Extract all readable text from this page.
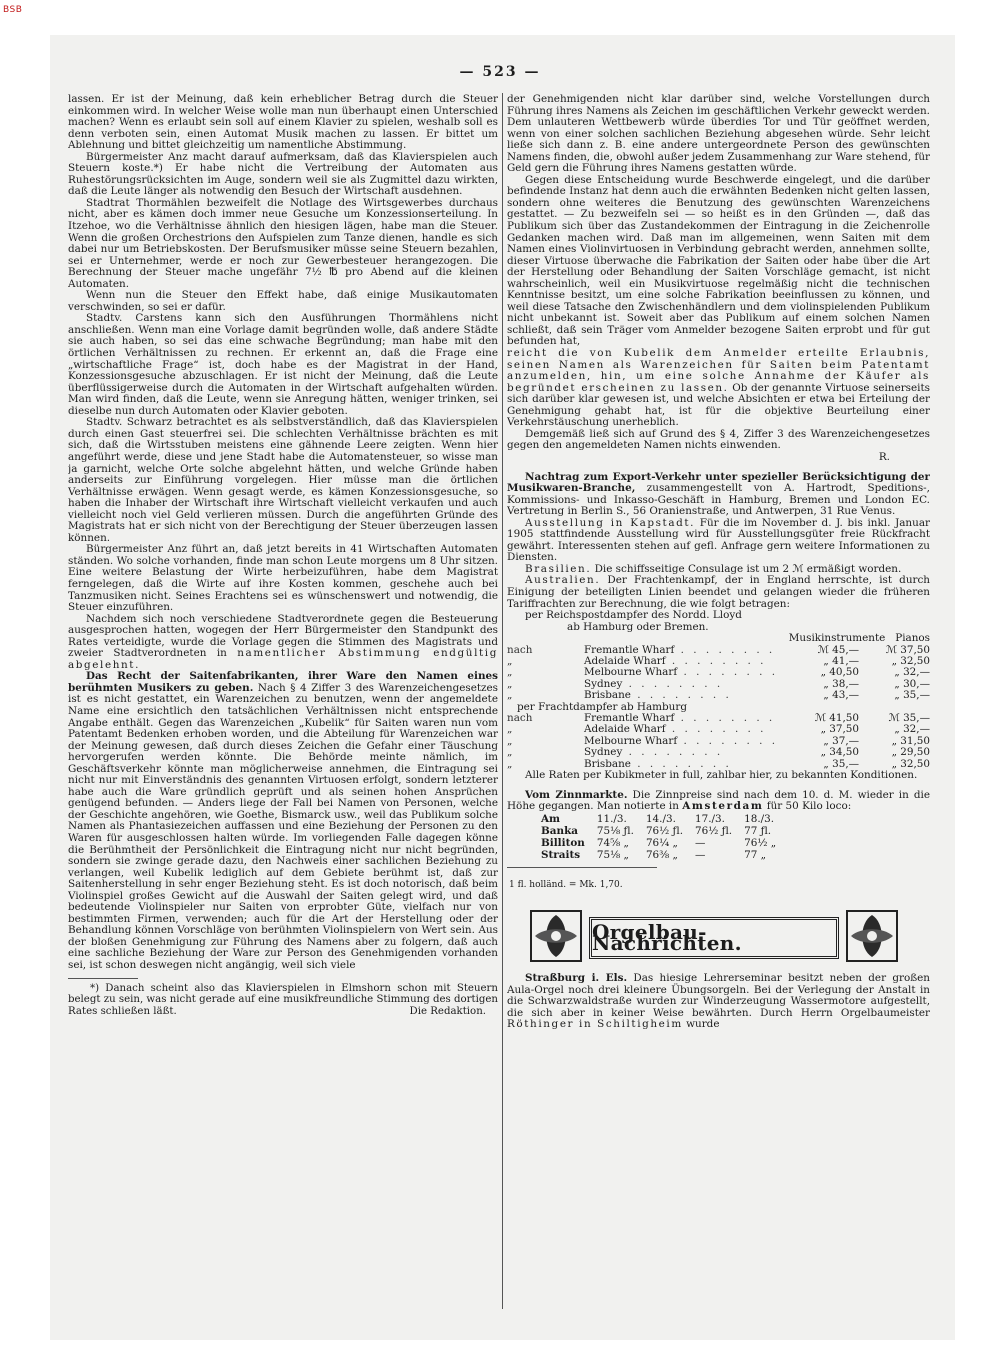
BSB
— 523 —

lassen. Er ist der Meinung, daß kein erheblicher Betrag durch die Steuer einkommen wird. In welcher Weise wolle man nun überhaupt einen Unterschied machen? Wenn es erlaubt sein soll auf einem Klavier zu spielen, weshalb soll es denn verboten sein, einen Automat Musik machen zu lassen. Er bittet um Ablehnung und bittet gleichzeitig um namentliche Abstimmung.

Bürgermeister Anz macht darauf aufmerksam, daß das Klavierspielen auch Steuern koste.*) Er habe nicht die Vertreibung der Automaten aus Ruhestörungsrücksichten im Auge, sondern weil sie als Zugmittel dazu wirkten, daß die Leute länger als notwendig den Besuch der Wirtschaft ausdehnen.

Stadtrat Thormählen bezweifelt die Notlage des Wirtsgewerbes durchaus nicht, aber es kämen doch immer neue Gesuche um Konzessionserteilung. In Itzehoe, wo die Verhältnisse ähnlich den hiesigen lägen, habe man die Steuer. Wenn die großen Orchestrions den Aufspielen zum Tanze dienen, handle es sich dabei nur um Betriebskosten. Der Berufsmusiker müsse seine Steuern bezahlen, sei er Unternehmer, werde er noch zur Gewerbesteuer herangezogen. Die Berechnung der Steuer mache ungefähr 7½ ℔ pro Abend auf die kleinen Automaten.

Wenn nun die Steuer den Effekt habe, daß einige Musikautomaten verschwinden, so sei er dafür.

Stadtv. Carstens kann sich den Ausführungen Thormählens nicht anschließen. Wenn man eine Vorlage damit begründen wolle, daß andere Städte sie auch haben, so sei das eine schwache Begründung; man habe mit den örtlichen Verhältnissen zu rechnen. Er erkennt an, daß die Frage eine „wirtschaftliche Frage“ ist, doch habe es der Magistrat in der Hand, Konzessionsgesuche abzuschlagen. Er ist nicht der Meinung, daß die Leute überflüssigerweise durch die Automaten in der Wirtschaft aufgehalten würden. Man wird finden, daß die Leute, wenn sie Anregung hätten, weniger trinken, sei dieselbe nun durch Automaten oder Klavier geboten.

Stadtv. Schwarz betrachtet es als selbstverständlich, daß das Klavierspielen durch einen Gast steuerfrei sei. Die schlechten Verhältnisse brächten es mit sich, daß die Wirtsstuben meistens eine gähnende Leere zeigten. Wenn hier angeführt werde, diese und jene Stadt habe die Automatensteuer, so wisse man ja garnicht, welche Orte solche abgelehnt hätten, und welche Gründe haben anderseits zur Einführung vorgelegen. Hier müsse man die örtlichen Verhältnisse erwägen. Wenn gesagt werde, es kämen Konzessionsgesuche, so haben die Inhaber der Wirtschaft ihre Wirtschaft vielleicht verkaufen und auch vielleicht noch viel Geld verlieren müssen. Durch die angeführten Gründe des Magistrats hat er sich nicht von der Berechtigung der Steuer überzeugen lassen können.

Bürgermeister Anz führt an, daß jetzt bereits in 41 Wirtschaften Automaten ständen. Wo solche vorhanden, finde man schon Leute morgens um 8 Uhr sitzen. Eine weitere Belastung der Wirte herbeizuführen, habe dem Magistrat ferngelegen, daß die Wirte auf ihre Kosten kommen, geschehe auch bei Tanzmusiken nicht. Seines Erachtens sei es wünschenswert und notwendig, die Steuer einzuführen.

Nachdem sich noch verschiedene Stadtverordnete gegen die Besteuerung ausgesprochen hatten, wogegen der Herr Bürgermeister den Standpunkt des Rates verteidigte, wurde die Vorlage gegen die Stimmen des Magistrats und zweier Stadtverordneten in namentlicher Abstimmung endgültig abgelehnt.

Das Recht der Saitenfabrikanten, ihrer Ware den Namen eines berühmten Musikers zu geben. Nach § 4 Ziffer 3 des Warenzeichengesetzes ist es nicht gestattet, ein Warenzeichen zu benutzen, wenn der angemeldete Name eine ersichtlich den tatsächlichen Verhältnissen nicht entsprechende Angabe enthält. Gegen das Warenzeichen „Kubelik“ für Saiten waren nun vom Patentamt Bedenken erhoben worden, und die Abteilung für Warenzeichen war der Meinung gewesen, daß durch dieses Zeichen die Gefahr einer Täuschung hervorgerufen werden könnte. Die Behörde meinte nämlich, im Geschäftsverkehr könnte man möglicherweise annehmen, die Eintragung sei nicht nur mit Einverständnis des genannten Virtuosen erfolgt, sondern letzterer habe auch die Ware gründlich geprüft und als seinen hohen Ansprüchen genügend befunden. — Anders liege der Fall bei Namen von Personen, welche der Geschichte angehören, wie Goethe, Bismarck usw., weil das Publikum solche Namen als Phantasiezeichen auffassen und eine Beziehung der Personen zu den Waren für ausgeschlossen halten würde. Im vorliegenden Falle dagegen könne die Berühmtheit der Persönlichkeit die Eintragung nicht nur nicht begründen, sondern sie zwinge gerade dazu, den Nachweis einer sachlichen Beziehung zu verlangen, weil Kubelik lediglich auf dem Gebiete berühmt ist, daß zur Saitenherstellung in sehr enger Beziehung steht. Es ist doch notorisch, daß beim Violinspiel großes Gewicht auf die Auswahl der Saiten gelegt wird, und daß bedeutende Violinspieler nur Saiten von erprobter Güte, vielfach nur von bestimmten Firmen, verwenden; auch für die Art der Herstellung oder der Behandlung können Vorschläge von berühmten Violinspielern von Wert sein. Aus der bloßen Genehmigung zur Führung des Namens aber zu folgern, daß auch eine sachliche Beziehung der Ware zur Person des Genehmigenden vorhanden sei, ist schon deswegen nicht angängig, weil sich viele

*) Danach scheint also das Klavierspielen in Elmshorn schon mit Steuern belegt zu sein, was nicht gerade auf eine musikfreundliche Stimmung des dortigen Rates schließen läßt.	Die Redaktion.

der Genehmigenden nicht klar darüber sind, welche Vorstellungen durch Führung ihres Namens als Zeichen im geschäftlichen Verkehr geweckt werden. Dem unlauteren Wettbewerb würde überdies Tor und Tür geöffnet werden, wenn von einer solchen sachlichen Beziehung abgesehen würde. Sehr leicht ließe sich dann z. B. eine andere untergeordnete Person des gewünschten Namens finden, die, obwohl außer jedem Zusammenhang zur Ware stehend, für Geld gern die Führung ihres Namens gestatten würde.

Gegen diese Entscheidung wurde Beschwerde eingelegt, und die darüber befindende Instanz hat denn auch die erwähnten Bedenken nicht gelten lassen, sondern ohne weiteres die Benutzung des gewünschten Warenzeichens gestattet. — Zu bezweifeln sei — so heißt es in den Gründen —, daß das Publikum sich über das Zustandekommen der Eintragung in die Zeichenrolle Gedanken machen wird. Daß man im allgemeinen, wenn Saiten mit dem Namen eines Violinvirtuosen in Verbindung gebracht werden, annehmen sollte, dieser Virtuose überwache die Fabrikation der Saiten oder habe über die Art der Herstellung oder Behandlung der Saiten Vorschläge gemacht, ist nicht wahrscheinlich, weil ein Musikvirtuose regelmäßig nicht die technischen Kenntnisse besitzt, um eine solche Fabrikation beeinflussen zu können, und weil diese Tatsache den Zwischenhändlern und dem violinspielenden Publikum nicht unbekannt ist. Soweit aber das Publikum auf einem solchen Namen schließt, daß sein Träger vom Anmelder bezogene Saiten erprobt und für gut befunden hat,

reicht die von Kubelik dem Anmelder erteilte Erlaubnis, seinen Namen als Warenzeichen für Saiten beim Patentamt anzumelden, hin, um eine solche Annahme der Käufer als begründet erscheinen zu lassen. Ob der genannte Virtuose seinerseits sich darüber klar gewesen ist, und welche Absichten er etwa bei Erteilung der Genehmigung gehabt hat, ist für die objektive Beurteilung einer Verkehrstäuschung unerheblich.

Demgemäß ließ sich auf Grund des § 4, Ziffer 3 des Warenzeichengesetzes gegen den angemeldeten Namen nichts einwenden.

R.

Nachtrag zum Export-Verkehr unter spezieller Berücksichtigung der Musikwaren-Branche, zusammengestellt von A. Hartrodt, Speditions-, Kommissions- und Inkasso-Geschäft in Hamburg, Bremen und London EC. Vertretung in Berlin S., 56 Oranienstraße, und Antwerpen, 31 Rue Venus.

Ausstellung in Kapstadt. Für die im November d. J. bis inkl. Januar 1905 stattfindende Ausstellung wird für Ausstellungsgüter freie Rückfracht gewährt. Interessenten stehen auf gefl. Anfrage gern weitere Informationen zu Diensten.

Brasilien. Die schiffsseitige Consulage ist um 2 ℳ ermäßigt worden.

Australien. Der Frachtenkampf, der in England herrschte, ist durch Einigung der beteiligten Linien beendet und gelangen wieder die früheren Tariffrachten zur Berechnung, die wie folgt betragen:

per Reichspostdampfer des Nordd. Lloyd

ab Hamburg oder Bremen.

		Musikinstrumente Pianos	
nach	Fremantle Wharf . . . . . . . .	ℳ 45,—	ℳ 37,50
„	Adelaide Wharf . . . . . . . .	„ 41,—	„ 32,50
„	Melbourne Wharf . . . . . . . .	„ 40,50	„ 32,—
„	Sydney . . . . . . . .	„ 38,—	„ 30,—
„	Brisbane . . . . . . . .	„ 43,—	„ 35,—
per Frachtdampfer ab Hamburg			
nach	Fremantle Wharf . . . . . . . .	ℳ 41,50	ℳ 35,—
„	Adelaide Wharf . . . . . . . .	„ 37,50	„ 32,—
„	Melbourne Wharf . . . . . . . .	„ 37,—	„ 31,50
„	Sydney . . . . . . . .	„ 34,50	„ 29,50
„	Brisbane . . . . . . . .	„ 35,—	„ 32,50

Alle Raten per Kubikmeter in full, zahlbar hier, zu bekannten Konditionen.

Vom Zinnmarkte. Die Zinnpreise sind nach dem 10. d. M. wieder in die Höhe gegangen. Man notierte in Amsterdam für 50 Kilo loco:

Am	11./3.	14./3.	17./3.	18./3.
Banka	75⅛ ƒl.	76½ ƒl.	76½ ƒl.	77 ƒl.
Billiton	74⅝ „	76¼ „	—	76½ „
Straits	75⅛ „	76⅜ „	—	77 „
1 fl. holländ. = Mk. 1,70.
Orgelbau-Nachrichten.

Straßburg i. Els. Das hiesige Lehrerseminar besitzt neben der großen Aula-Orgel noch drei kleinere Übungsorgeln. Bei der Verlegung der Anstalt in die Schwarzwaldstraße wurden zur Winderzeugung Wassermotore aufgestellt, die sich aber in keiner Weise bewährten. Durch Herrn Orgelbaumeister Röthinger in Schiltigheim wurde
